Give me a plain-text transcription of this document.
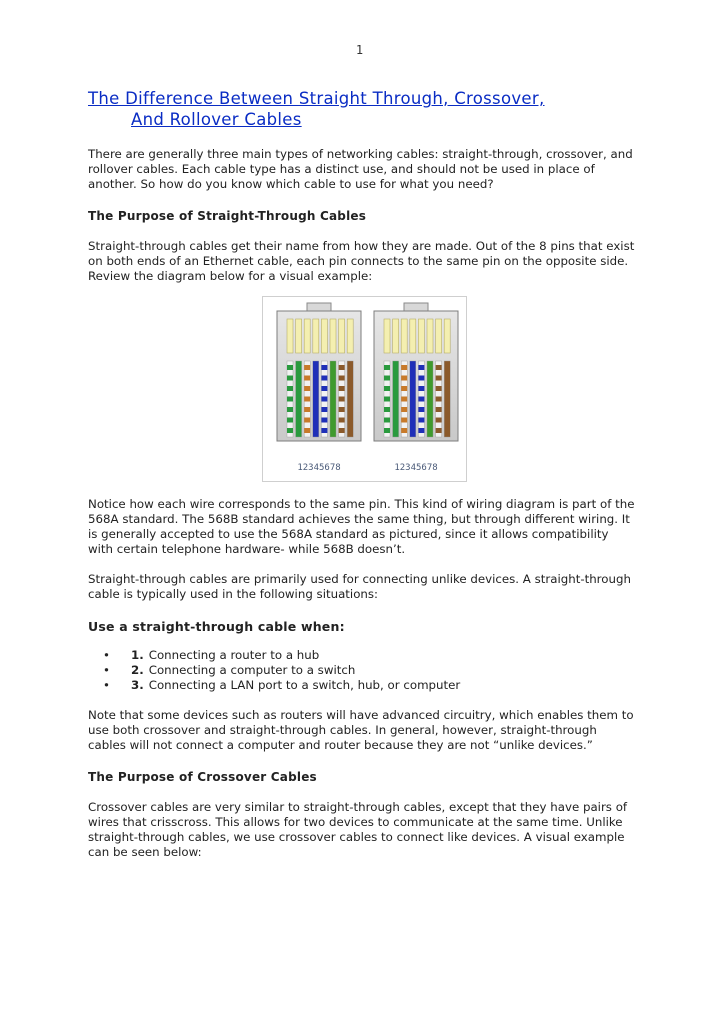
1
The Difference Between Straight Through, Crossover,
And Rollover Cables

There are generally three main types of networking cables: straight-through, crossover, and rollover cables. Each cable type has a distinct use, and should not be used in place of another. So how do you know which cable to use for what you need?

The Purpose of Straight-Through Cables

Straight-through cables get their name from how they are made. Out of the 8 pins that exist on both ends of an Ethernet cable, each pin connects to the same pin on the opposite side. Review the diagram below for a visual example:

12345678	12345678

Notice how each wire corresponds to the same pin. This kind of wiring diagram is part of the 568A standard. The 568B standard achieves the same thing, but through different wiring. It is generally accepted to use the 568A standard as pictured, since it allows compatibility with certain telephone hardware- while 568B doesn’t.

Straight-through cables are primarily used for connecting unlike devices. A straight-through cable is typically used in the following situations:

Use a straight-through cable when:
• 1. Connecting a router to a hub
• 2. Connecting a computer to a switch
• 3. Connecting a LAN port to a switch, hub, or computer

Note that some devices such as routers will have advanced circuitry, which enables them to use both crossover and straight-through cables. In general, however, straight-through cables will not connect a computer and router because they are not “unlike devices.”

The Purpose of Crossover Cables

Crossover cables are very similar to straight-through cables, except that they have pairs of wires that crisscross. This allows for two devices to communicate at the same time. Unlike straight-through cables, we use crossover cables to connect like devices. A visual example can be seen below:
